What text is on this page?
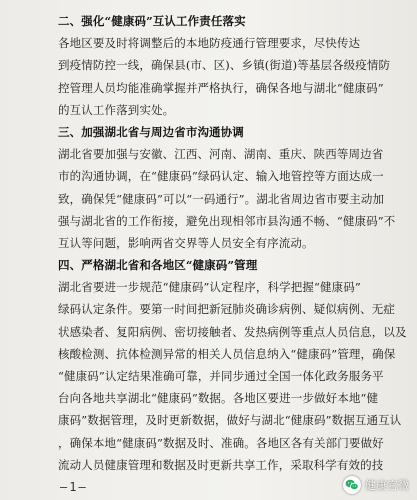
二、强化“健康码”互认工作责任落实
各地区要及时将调整后的本地防疫通行管理要求，尽快传达
到疫情防控一线，确保县(市、区)、乡镇(街道)等基层各级疫情防
控管理人员均能准确掌握并严格执行，确保各地与湖北“健康码”
的互认工作落到实处。
三、加强湖北省与周边省市沟通协调
湖北省要加强与安徽、江西、河南、湖南、重庆、陕西等周边省
市的沟通协调，在“健康码”绿码认定、输入地管控等方面达成一
致，确保凭“健康码”可以“一码通行”。湖北省周边省市要主动加
强与湖北省的工作衔接，避免出现相邻市县沟通不畅、“健康码”不
互认等问题，影响两省交界等人员安全有序流动。
四、严格湖北省和各地区“健康码”管理
湖北省要进一步规范“健康码”认定程序，科学把握“健康码”
绿码认定条件。要第一时间把新冠肺炎确诊病例、疑似病例、无症
状感染者、复阳病例、密切接触者、发热病例等重点人员信息，以及
核酸检测、抗体检测异常的相关人员信息纳入“健康码”管理，确保
“健康码”认定结果准确可靠，并同步通过全国一体化政务服务平
台向各地共享湖北“健康码”数据。各地区要进一步做好本地“健
康码”数据管理，及时更新数据，做好与湖北“健康码”数据互通互认
，确保本地“健康码”数据及时、准确。各地区各有关部门要做好
流动人员健康管理和数据及时更新共享工作，采取科学有效的技
—1—	健康官微
